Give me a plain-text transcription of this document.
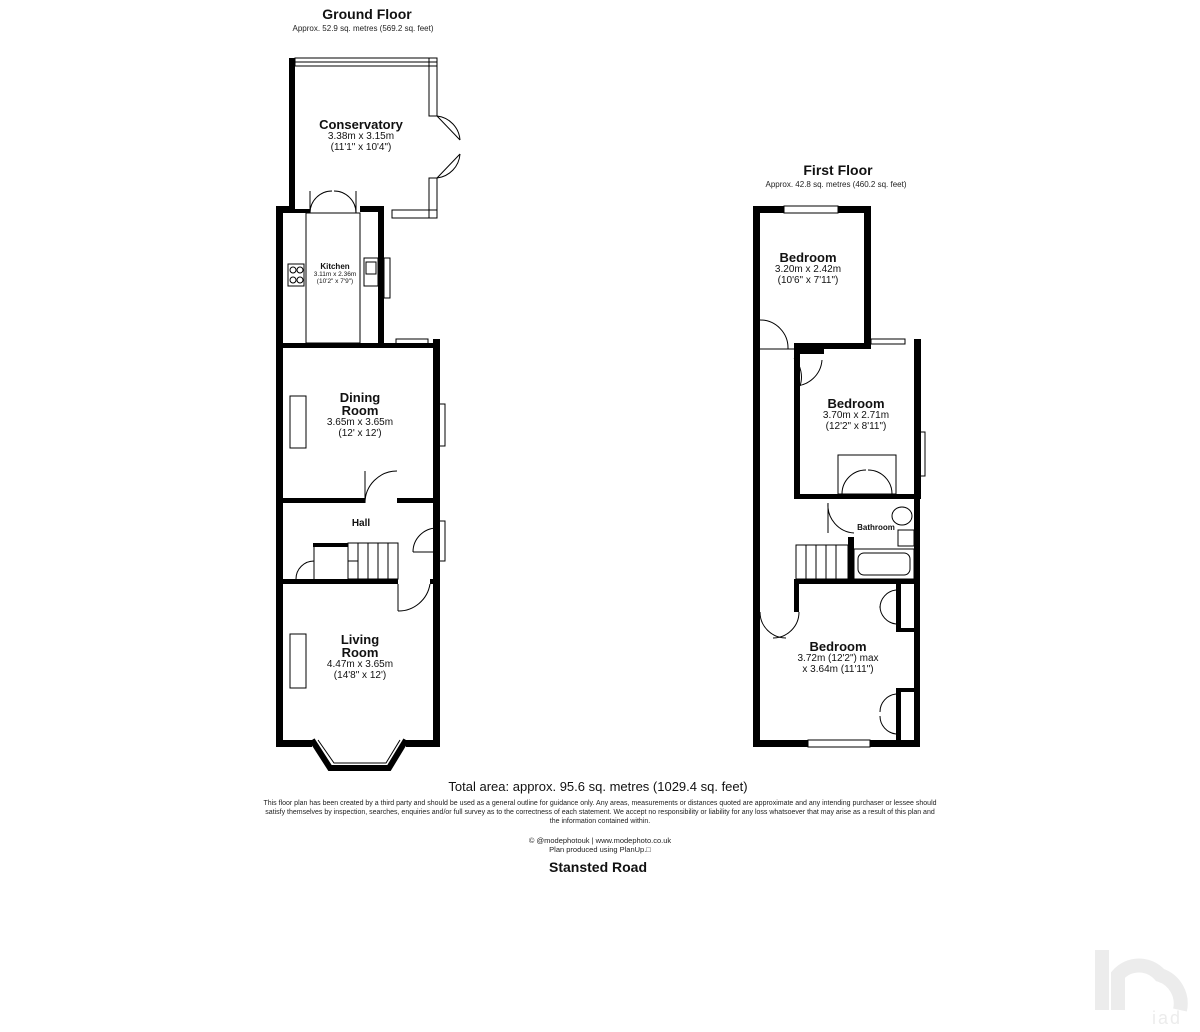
Ground Floor
Approx. 52.9 sq. metres (569.2 sq. feet)
Conservatory
3.38m x 3.15m
(11'1" x 10'4")
Kitchen
3.11m x 2.36m
(10'2" x 7'9")
Dining
Room
3.65m x 3.65m
(12' x 12')
Hall
Living
Room
4.47m x 3.65m
(14'8" x 12')
First Floor
Approx. 42.8 sq. metres (460.2 sq. feet)
Bedroom
3.20m x 2.42m
(10'6" x 7'11")
Bedroom
3.70m x 2.71m
(12'2" x 8'11")
Bathroom
Bedroom
3.72m (12'2") max
x 3.64m (11'11")
Total area: approx. 95.6 sq. metres (1029.4 sq. feet)
This floor plan has been created by a third party and should be used as a general outline for guidance only. Any areas, measurements or distances quoted are approximate and any intending purchaser or lessee should
satisfy themselves by inspection, searches, enquiries and/or full survey as to the correctness of each statement. We accept no responsibility or liability for any loss whatsoever that may arise as a result of this plan and
the information contained within.
© @modephotouk | www.modephoto.co.uk
Plan produced using PlanUp.□
Stansted Road
iad
